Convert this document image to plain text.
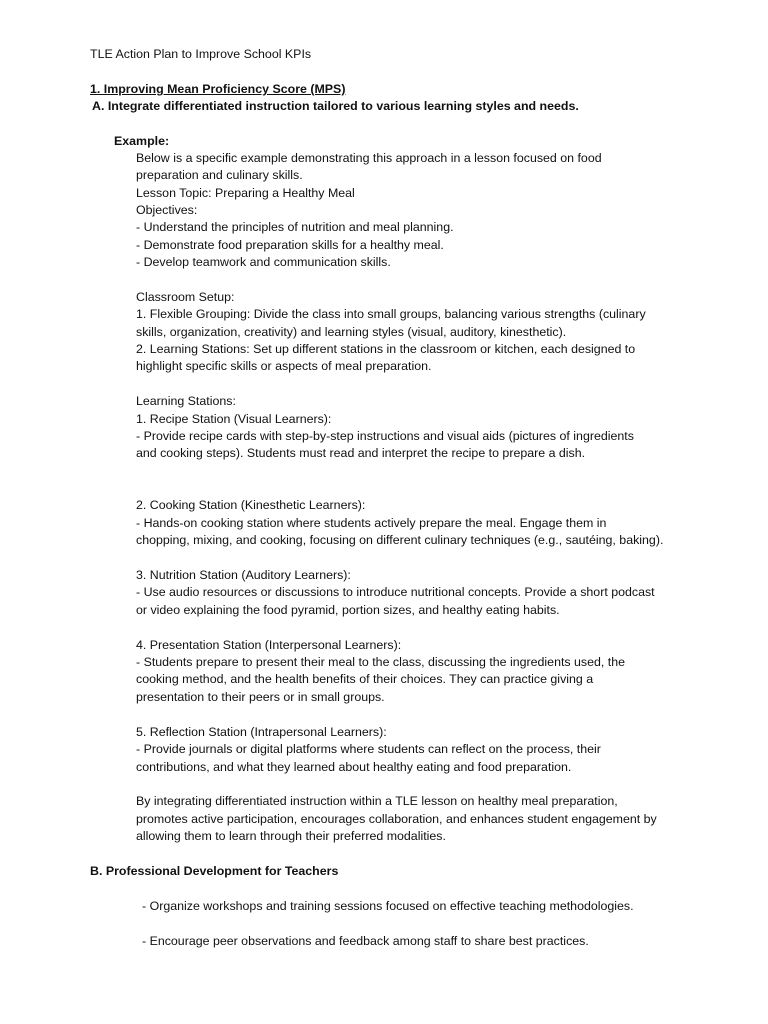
TLE Action Plan to Improve School KPIs
1. Improving Mean Proficiency Score (MPS)
A. Integrate differentiated instruction tailored to various learning styles and needs.
Example:
Below is a specific example demonstrating this approach in a lesson focused on food
preparation and culinary skills.
Lesson Topic: Preparing a Healthy Meal
Objectives:
- Understand the principles of nutrition and meal planning.
- Demonstrate food preparation skills for a healthy meal.
- Develop teamwork and communication skills.
Classroom Setup:
1. Flexible Grouping: Divide the class into small groups, balancing various strengths (culinary
skills, organization, creativity) and learning styles (visual, auditory, kinesthetic).
2. Learning Stations: Set up different stations in the classroom or kitchen, each designed to
highlight specific skills or aspects of meal preparation.
Learning Stations:
1. Recipe Station (Visual Learners):
- Provide recipe cards with step-by-step instructions and visual aids (pictures of ingredients
and cooking steps). Students must read and interpret the recipe to prepare a dish.
2. Cooking Station (Kinesthetic Learners):
- Hands-on cooking station where students actively prepare the meal. Engage them in
chopping, mixing, and cooking, focusing on different culinary techniques (e.g., sautéing, baking).
3. Nutrition Station (Auditory Learners):
- Use audio resources or discussions to introduce nutritional concepts. Provide a short podcast
or video explaining the food pyramid, portion sizes, and healthy eating habits.
4. Presentation Station (Interpersonal Learners):
- Students prepare to present their meal to the class, discussing the ingredients used, the
cooking method, and the health benefits of their choices. They can practice giving a
presentation to their peers or in small groups.
5. Reflection Station (Intrapersonal Learners):
- Provide journals or digital platforms where students can reflect on the process, their
contributions, and what they learned about healthy eating and food preparation.
By integrating differentiated instruction within a TLE lesson on healthy meal preparation,
promotes active participation, encourages collaboration, and enhances student engagement by
allowing them to learn through their preferred modalities.
B. Professional Development for Teachers
- Organize workshops and training sessions focused on effective teaching methodologies.
- Encourage peer observations and feedback among staff to share best practices.
